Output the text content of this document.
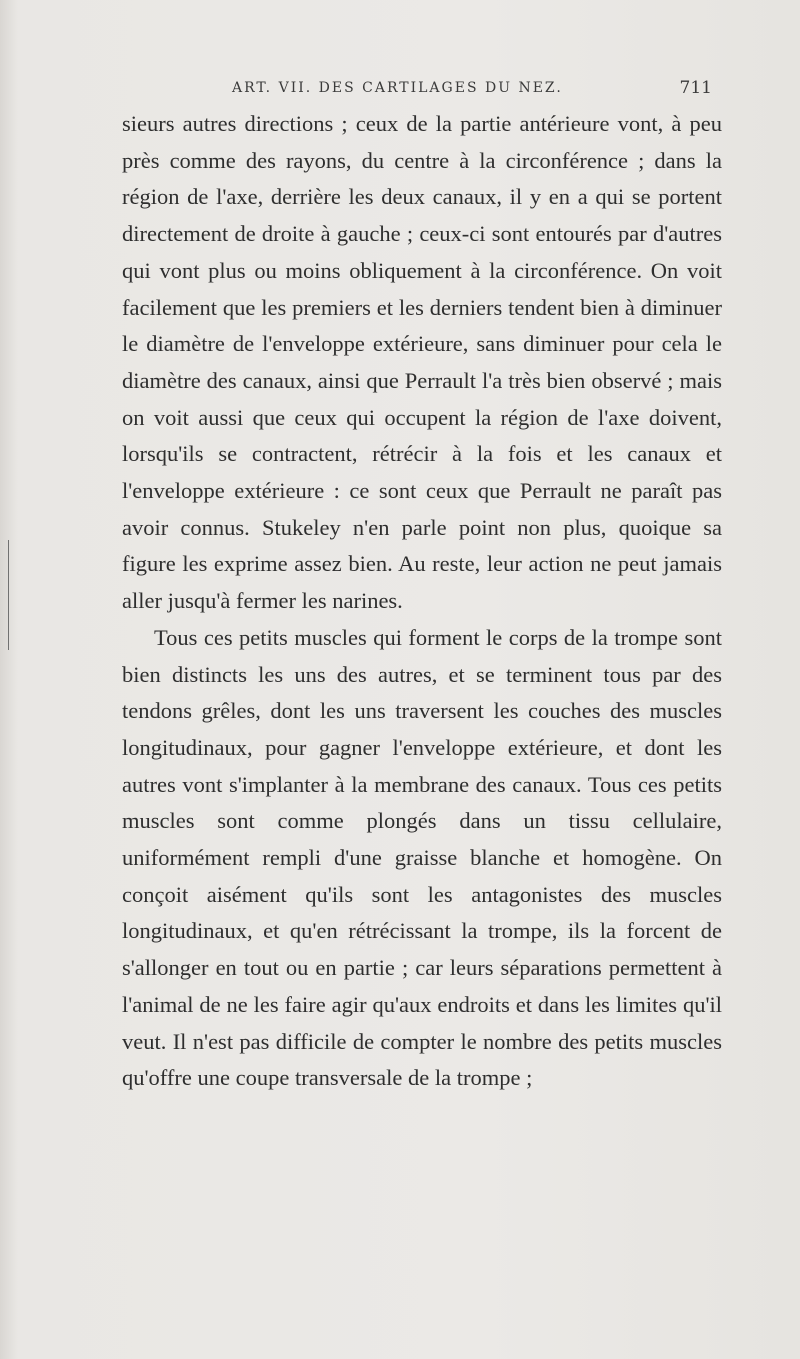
ART. VII. DES CARTILAGES DU NEZ.	711

sieurs autres directions ; ceux de la partie antérieure vont, à peu près comme des rayons, du centre à la circonférence ; dans la région de l'axe, derrière les deux canaux, il y en a qui se portent directement de droite à gauche ; ceux-ci sont entourés par d'autres qui vont plus ou moins obliquement à la circonférence. On voit facilement que les premiers et les derniers tendent bien à diminuer le diamètre de l'enveloppe extérieure, sans diminuer pour cela le diamètre des canaux, ainsi que Perrault l'a très bien observé ; mais on voit aussi que ceux qui occupent la région de l'axe doivent, lorsqu'ils se contractent, rétrécir à la fois et les canaux et l'enveloppe extérieure : ce sont ceux que Perrault ne paraît pas avoir connus. Stukeley n'en parle point non plus, quoique sa figure les exprime assez bien. Au reste, leur action ne peut jamais aller jusqu'à fermer les narines.

Tous ces petits muscles qui forment le corps de la trompe sont bien distincts les uns des autres, et se terminent tous par des tendons grêles, dont les uns traversent les couches des muscles longitudinaux, pour gagner l'enveloppe extérieure, et dont les autres vont s'implanter à la membrane des canaux. Tous ces petits muscles sont comme plongés dans un tissu cellulaire, uniformément rempli d'une graisse blanche et homogène. On conçoit aisément qu'ils sont les antagonistes des muscles longitudinaux, et qu'en rétrécissant la trompe, ils la forcent de s'allonger en tout ou en partie ; car leurs séparations permettent à l'animal de ne les faire agir qu'aux endroits et dans les limites qu'il veut. Il n'est pas difficile de compter le nombre des petits muscles qu'offre une coupe transversale de la trompe ;
